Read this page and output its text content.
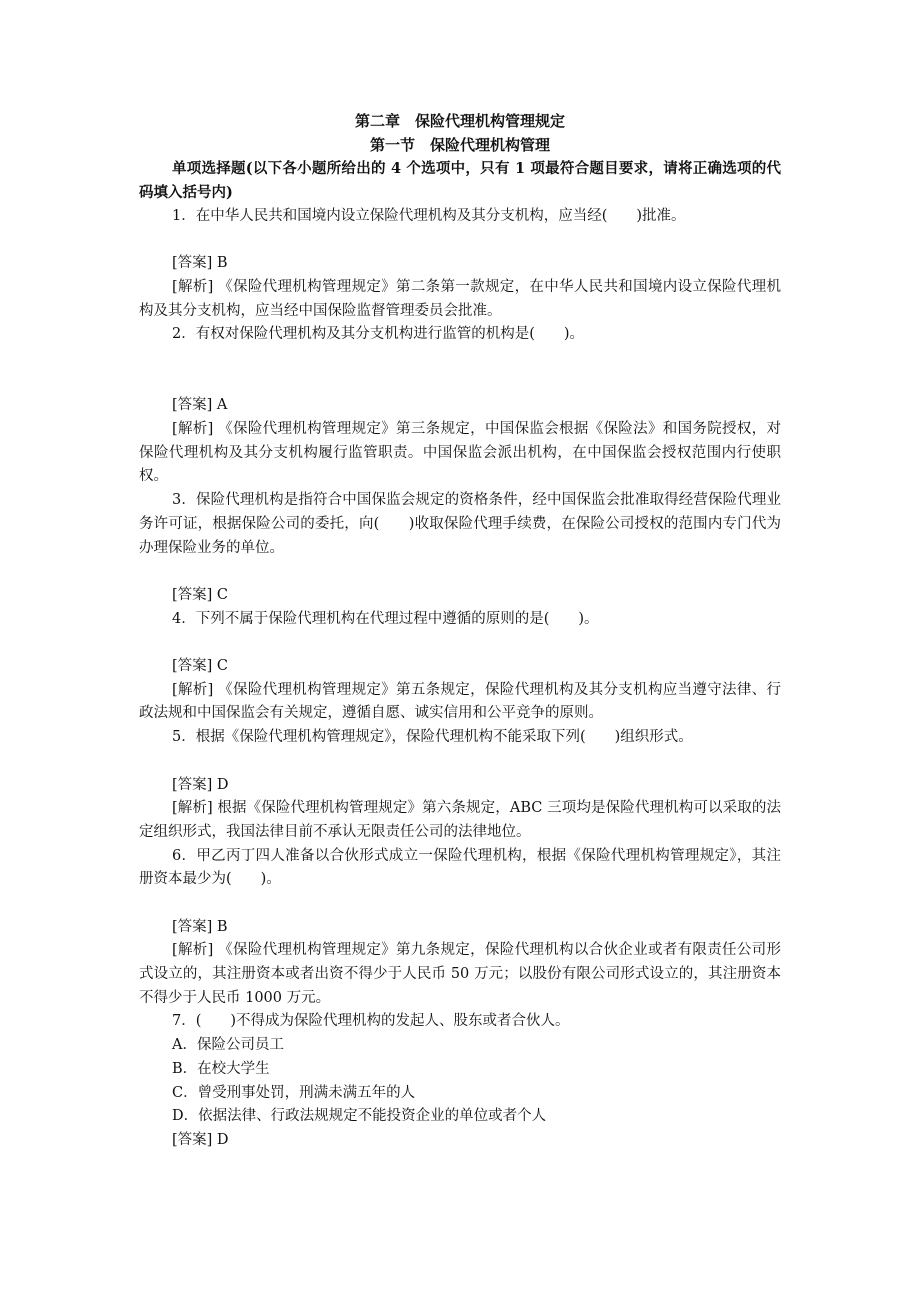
第二章　保险代理机构管理规定
第一节　保险代理机构管理
单项选择题(以下各小题所给出的 4 个选项中，只有 1 项最符合题目要求，请将正确选项的代码填入括号内)
1．在中华人民共和国境内设立保险代理机构及其分支机构，应当经(　　)批准。

[答案] B
[解析] 《保险代理机构管理规定》第二条第一款规定，在中华人民共和国境内设立保险代理机构及其分支机构，应当经中国保险监督管理委员会批准。
2．有权对保险代理机构及其分支机构进行监管的机构是(　　)。

[答案] A
[解析] 《保险代理机构管理规定》第三条规定，中国保监会根据《保险法》和国务院授权，对保险代理机构及其分支机构履行监管职责。中国保监会派出机构，在中国保监会授权范围内行使职权。
3．保险代理机构是指符合中国保监会规定的资格条件，经中国保监会批准取得经营保险代理业务许可证，根据保险公司的委托，向(　　)收取保险代理手续费，在保险公司授权的范围内专门代为办理保险业务的单位。

[答案] C
4．下列不属于保险代理机构在代理过程中遵循的原则的是(　　)。

[答案] C
[解析] 《保险代理机构管理规定》第五条规定，保险代理机构及其分支机构应当遵守法律、行政法规和中国保监会有关规定，遵循自愿、诚实信用和公平竞争的原则。
5．根据《保险代理机构管理规定》，保险代理机构不能采取下列(　　)组织形式。

[答案] D
[解析] 根据《保险代理机构管理规定》第六条规定，ABC 三项均是保险代理机构可以采取的法定组织形式，我国法律目前不承认无限责任公司的法律地位。
6．甲乙丙丁四人准备以合伙形式成立一保险代理机构，根据《保险代理机构管理规定》，其注册资本最少为(　　)。

[答案] B
[解析] 《保险代理机构管理规定》第九条规定，保险代理机构以合伙企业或者有限责任公司形式设立的，其注册资本或者出资不得少于人民币 50 万元；以股份有限公司形式设立的，其注册资本不得少于人民币 1000 万元。
7．(　　)不得成为保险代理机构的发起人、股东或者合伙人。
A．保险公司员工
B．在校大学生
C．曾受刑事处罚，刑满未满五年的人
D．依据法律、行政法规规定不能投资企业的单位或者个人
[答案] D
